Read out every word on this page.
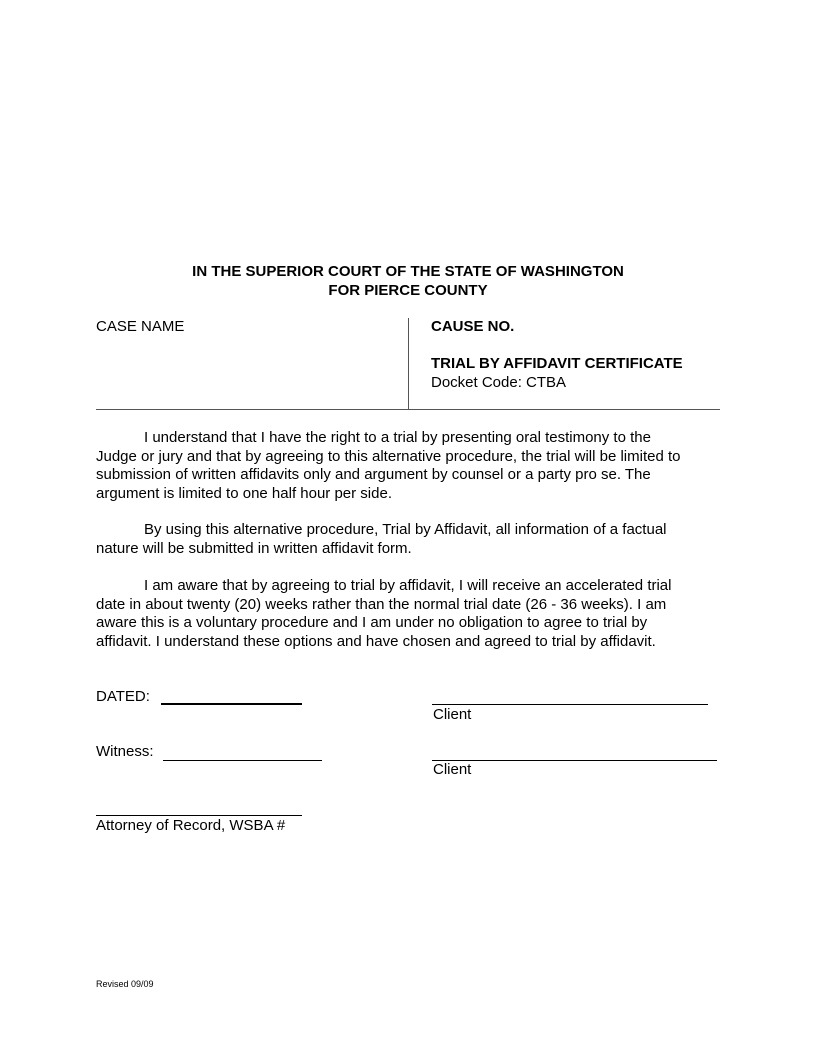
IN THE SUPERIOR COURT OF THE STATE OF WASHINGTON
FOR PIERCE COUNTY
CASE NAME	CAUSE NO.
TRIAL BY AFFIDAVIT CERTIFICATE
Docket Code: CTBA
I understand that I have the right to a trial by presenting oral testimony to the
Judge or jury and that by agreeing to this alternative procedure, the trial will be limited to
submission of written affidavits only and argument by counsel or a party pro se. The
argument is limited to one half hour per side.
By using this alternative procedure, Trial by Affidavit, all information of a factual
nature will be submitted in written affidavit form.
I am aware that by agreeing to trial by affidavit, I will receive an accelerated trial
date in about twenty (20) weeks rather than the normal trial date (26 - 36 weeks). I am
aware this is a voluntary procedure and I am under no obligation to agree to trial by
affidavit. I understand these options and have chosen and agreed to trial by affidavit.
DATED:
Client
Witness:
Client
Attorney of Record, WSBA #
Revised 09/09
